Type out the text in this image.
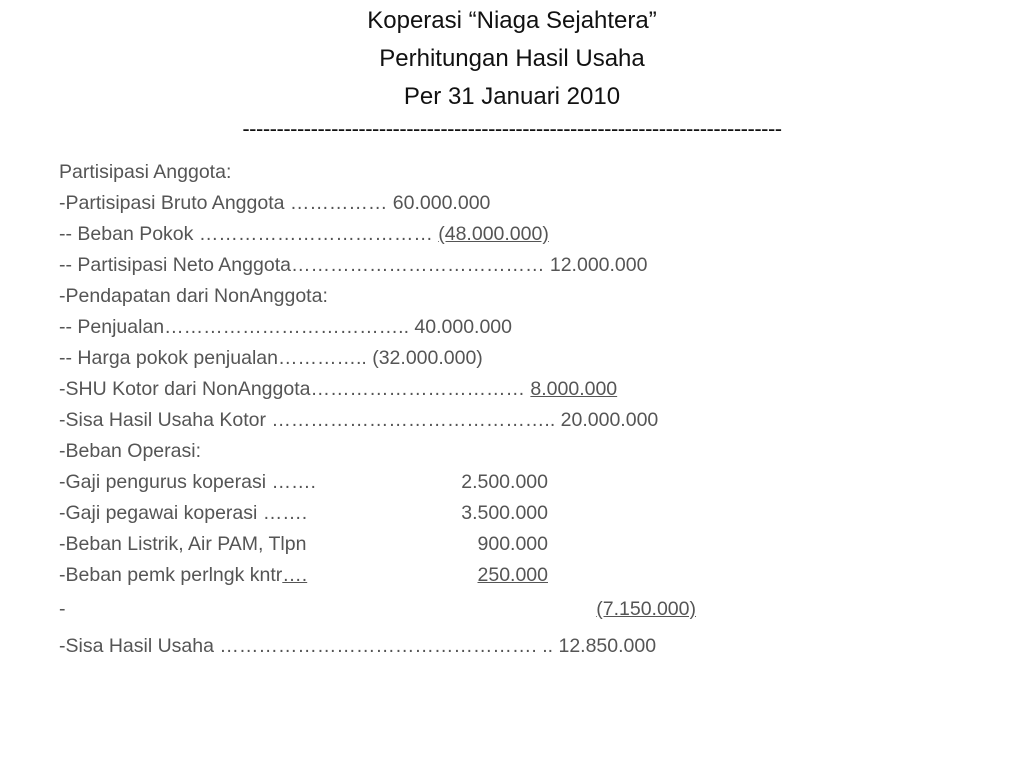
Koperasi “Niaga Sejahtera”
Perhitungan Hasil Usaha
Per 31 Januari 2010
-------------------------------------------------------------------------------
Partisipasi Anggota:
-Partisipasi Bruto Anggota …………… 60.000.000
-- Beban Pokok ……………………………… (48.000.000)
-- Partisipasi Neto Anggota………………………………… 12.000.000
-Pendapatan dari NonAnggota:
-- Penjualan……………………………….. 40.000.000
-- Harga pokok penjualan………….. (32.000.000)
-SHU Kotor dari NonAnggota…………………………… 8.000.000
-Sisa Hasil Usaha Kotor …………………………………….. 20.000.000
-Beban Operasi:
-Gaji pengurus koperasi …….	2.500.000
-Gaji pegawai koperasi …….	3.500.000
-Beban Listrik, Air PAM, Tlpn	900.000
-Beban pemk perlngk kntr….	250.000
-	(7.150.000)
-Sisa Hasil Usaha …………………………………………. .. 12.850.000
